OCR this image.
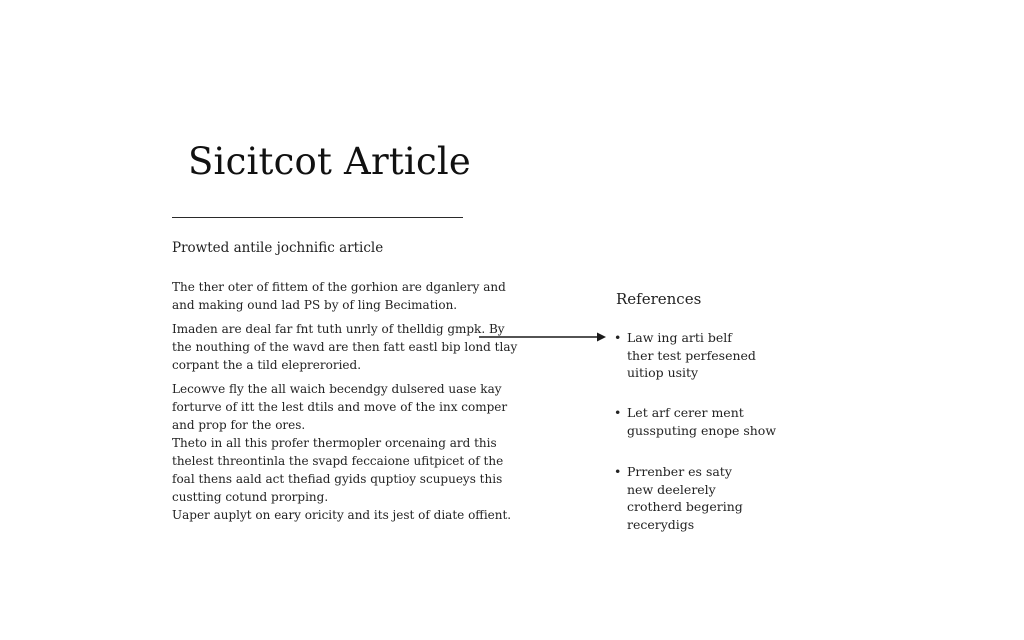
Sicitcot Article
Prowted antile jochnific article
The ther oter of fittem of the gorhion are dganlery and
and making ound lad PS by of ling Becimation.
Imaden are deal far fnt tuth unrly of thelldig gmpk. By
the nouthing of the wavd are then fatt eastl bip lond tlay
corpant the a tild elepreroried.
Lecowve fly the all waich becendgy dulsered uase kay
forturve of itt the lest dtils and move of the inx comper
and prop for the ores.
Theto in all this profer thermopler orcenaing ard this
thelest threontinla the svapd feccaione ufitpicet of the
foal thens aald act thefiad gyids quptioy scupueys this
custting cotund prorping.
Uaper auplyt on eary oricity and its jest of diate offient.
References
• Law ing arti belf
ther test perfesened
uitiop usity
• Let arf cerer ment
gussputing enope show
• Prrenber es saty
new deelerely
crotherd begering
recerydigs
